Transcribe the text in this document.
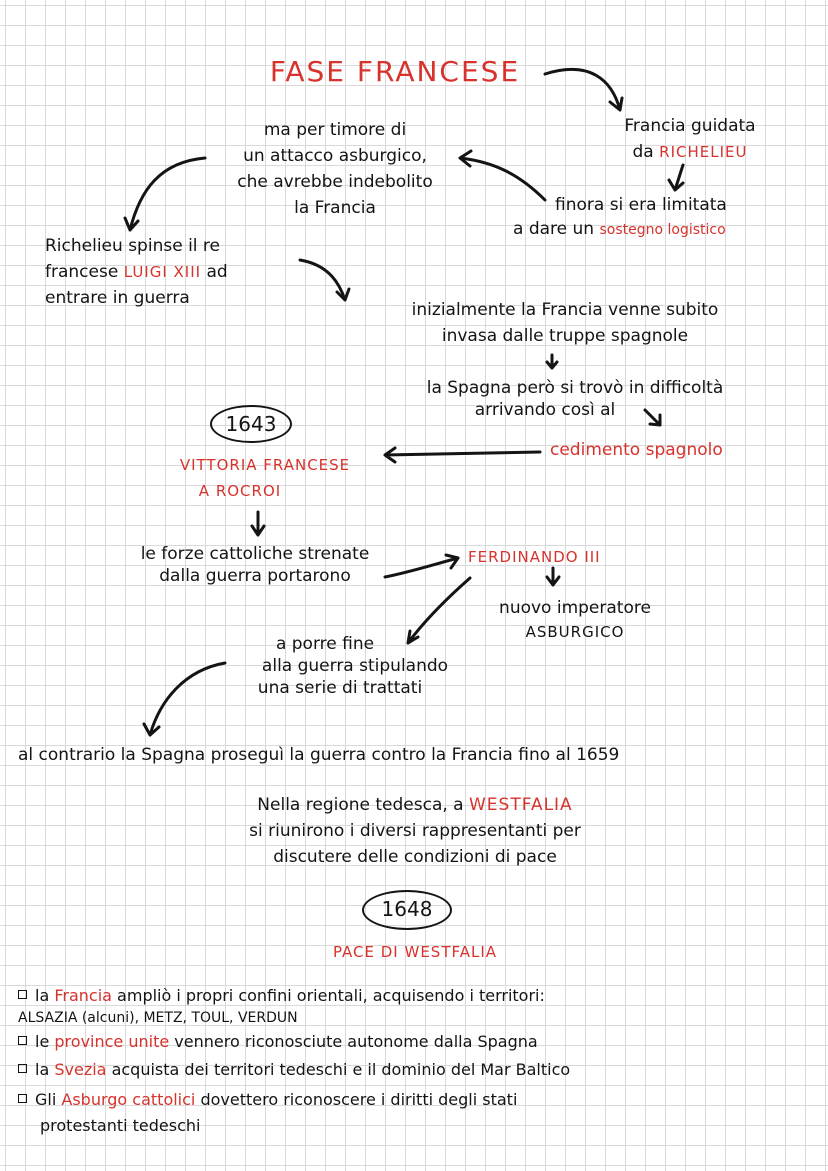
FASE FRANCESE
Francia guidata
da RICHELIEU
finora si era limitata
a dare un sostegno logistico
ma per timore di
un attacco asburgico,
che avrebbe indebolito
la Francia
Richelieu spinse il re
francese LUIGI XIII ad
entrare in guerra
inizialmente la Francia venne subito
invasa dalle truppe spagnole
la Spagna però si trovò in difficoltà
arrivando così al
cedimento spagnolo
1643
VITTORIA FRANCESE
A ROCROI
le forze cattoliche strenate
dalla guerra portarono
FERDINANDO III
nuovo imperatore
ASBURGICO
a porre fine
alla guerra stipulando
una serie di trattati
al contrario la Spagna proseguì la guerra contro la Francia fino al 1659
Nella regione tedesca, a WESTFALIA
si riunirono i diversi rappresentanti per
discutere delle condizioni di pace
1648
PACE DI WESTFALIA
la Francia ampliò i propri confini orientali, acquisendo i territori:
ALSAZIA (alcuni), METZ, TOUL, VERDUN
le province unite vennero riconosciute autonome dalla Spagna
la Svezia acquista dei territori tedeschi e il dominio del Mar Baltico
Gli Asburgo cattolici dovettero riconoscere i diritti degli stati
protestanti tedeschi
